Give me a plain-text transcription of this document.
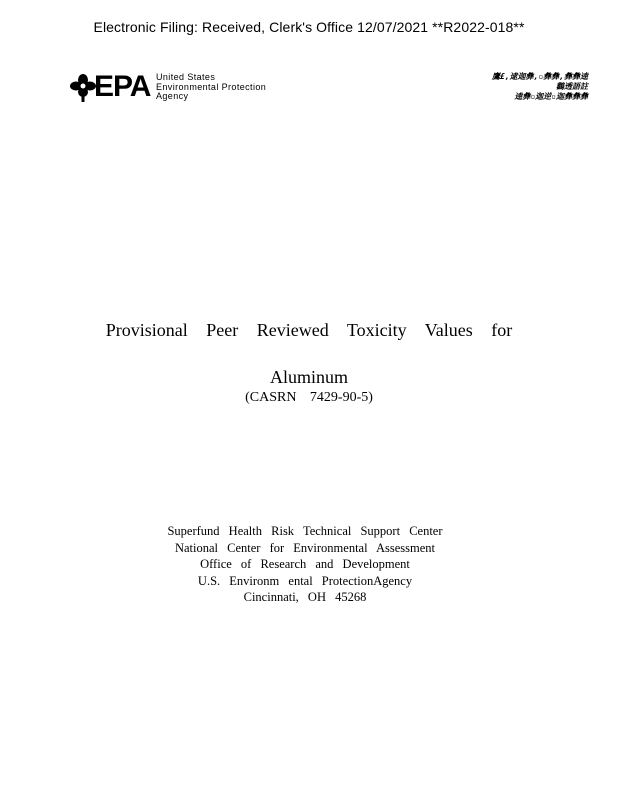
Electronic Filing: Received, Clerk's Office 12/07/2021 **R2022-018**
EPA United States
Environmental Protection
Agency
鷹£,逮迦彝,▫彝彝,彝彝逵
鸛透語註
逵彝▫迦逆▫迦彝彝彝
Provisional Peer Reviewed Toxicity Values for
Aluminum
(CASRN 7429-90-5)
Superfund Health Risk Technical Support Center
National Center for Environmental Assessment
Office of Research and Development
U.S. Environm ental ProtectionAgency
Cincinnati, OH 45268
